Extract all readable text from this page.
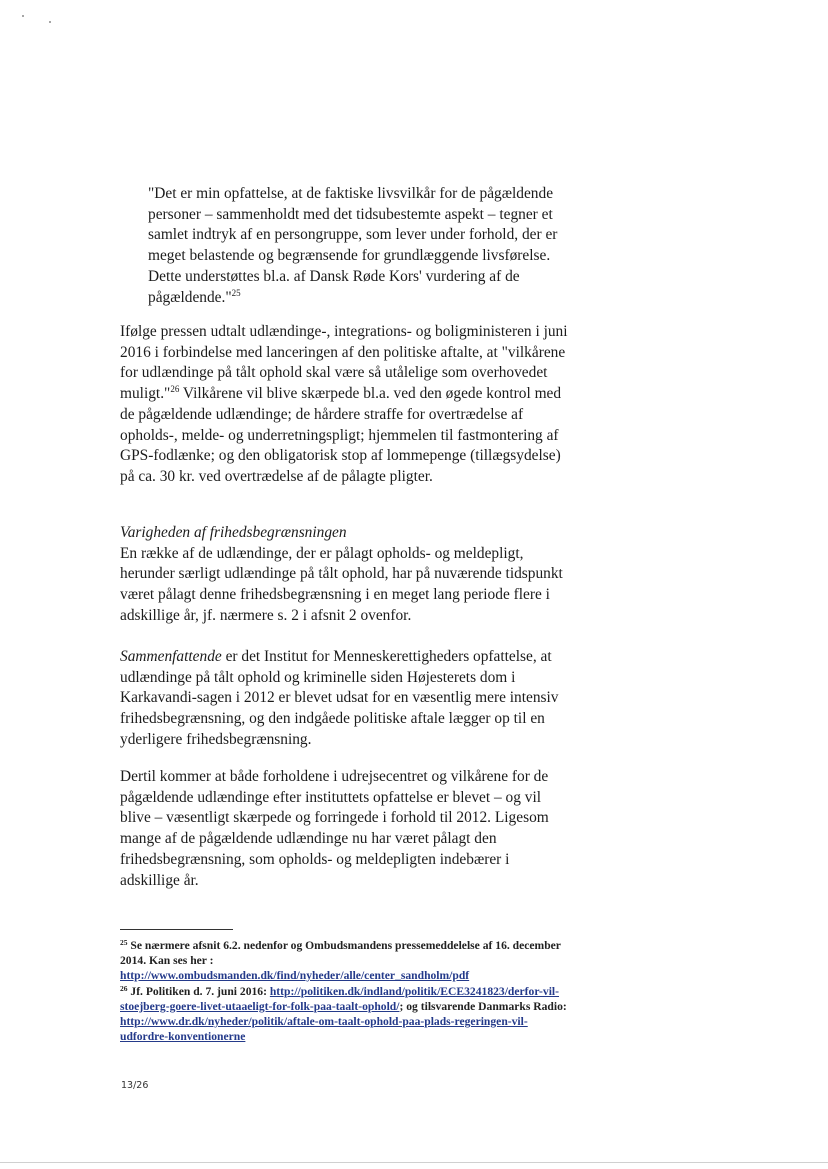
"Det er min opfattelse, at de faktiske livsvilkår for de pågældende personer – sammenholdt med det tidsubestemte aspekt – tegner et samlet indtryk af en persongruppe, som lever under forhold, der er meget belastende og begrænsende for grundlæggende livsførelse. Dette understøttes bl.a. af Dansk Røde Kors' vurdering af de pågældende."$^{25}$
Ifølge pressen udtalt udlændinge-, integrations- og boligministeren i juni 2016 i forbindelse med lanceringen af den politiske aftalte, at "vilkårene for udlændinge på tålt ophold skal være så utålelige som overhovedet muligt."$^{26}$ Vilkårene vil blive skærpede bl.a. ved den øgede kontrol med de pågældende udlændinge; de hårdere straffe for overtrædelse af opholds-, melde- og underretningspligt; hjemmelen til fastmontering af GPS-fodlænke; og den obligatorisk stop af lommepenge (tillægsydelse) på ca. 30 kr. ved overtrædelse af de pålagte pligter.

Varigheden af frihedsbegrænsningen

En række af de udlændinge, der er pålagt opholds- og meldepligt, herunder særligt udlændinge på tålt ophold, har på nuværende tidspunkt været pålagt denne frihedsbegrænsning i en meget lang periode flere i adskillige år, jf. nærmere s. 2 i afsnit 2 ovenfor.

Sammenfattende er det Institut for Menneskerettigheders opfattelse, at udlændinge på tålt ophold og kriminelle siden Højesterets dom i Karkavandi-sagen i 2012 er blevet udsat for en væsentlig mere intensiv frihedsbegrænsning, og den indgåede politiske aftale lægger op til en yderligere frihedsbegrænsning.
Dertil kommer at både forholdene i udrejsecentret og vilkårene for de pågældende udlændinge efter instituttets opfattelse er blevet – og vil blive – væsentligt skærpede og forringede i forhold til 2012. Ligesom mange af de pågældende udlændinge nu har været pålagt den frihedsbegrænsning, som opholds- og meldepligten indebærer i adskillige år.

$^{25}$ Se nærmere afsnit 6.2. nedenfor og Ombudsmandens pressemeddelelse af 16. december 2014. Kan ses her :
http://www.ombudsmanden.dk/find/nyheder/alle/center_sandholm/pdf

$^{26}$ Jf. Politiken d. 7. juni 2016: http://politiken.dk/indland/politik/ECE3241823/derfor-vil-stoejberg-goere-livet-utaaeligt-for-folk-paa-taalt-ophold/; og tilsvarende Danmarks Radio: http://www.dr.dk/nyheder/politik/aftale-om-taalt-ophold-paa-plads-regeringen-vil-udfordre-konventionerne

13/26
